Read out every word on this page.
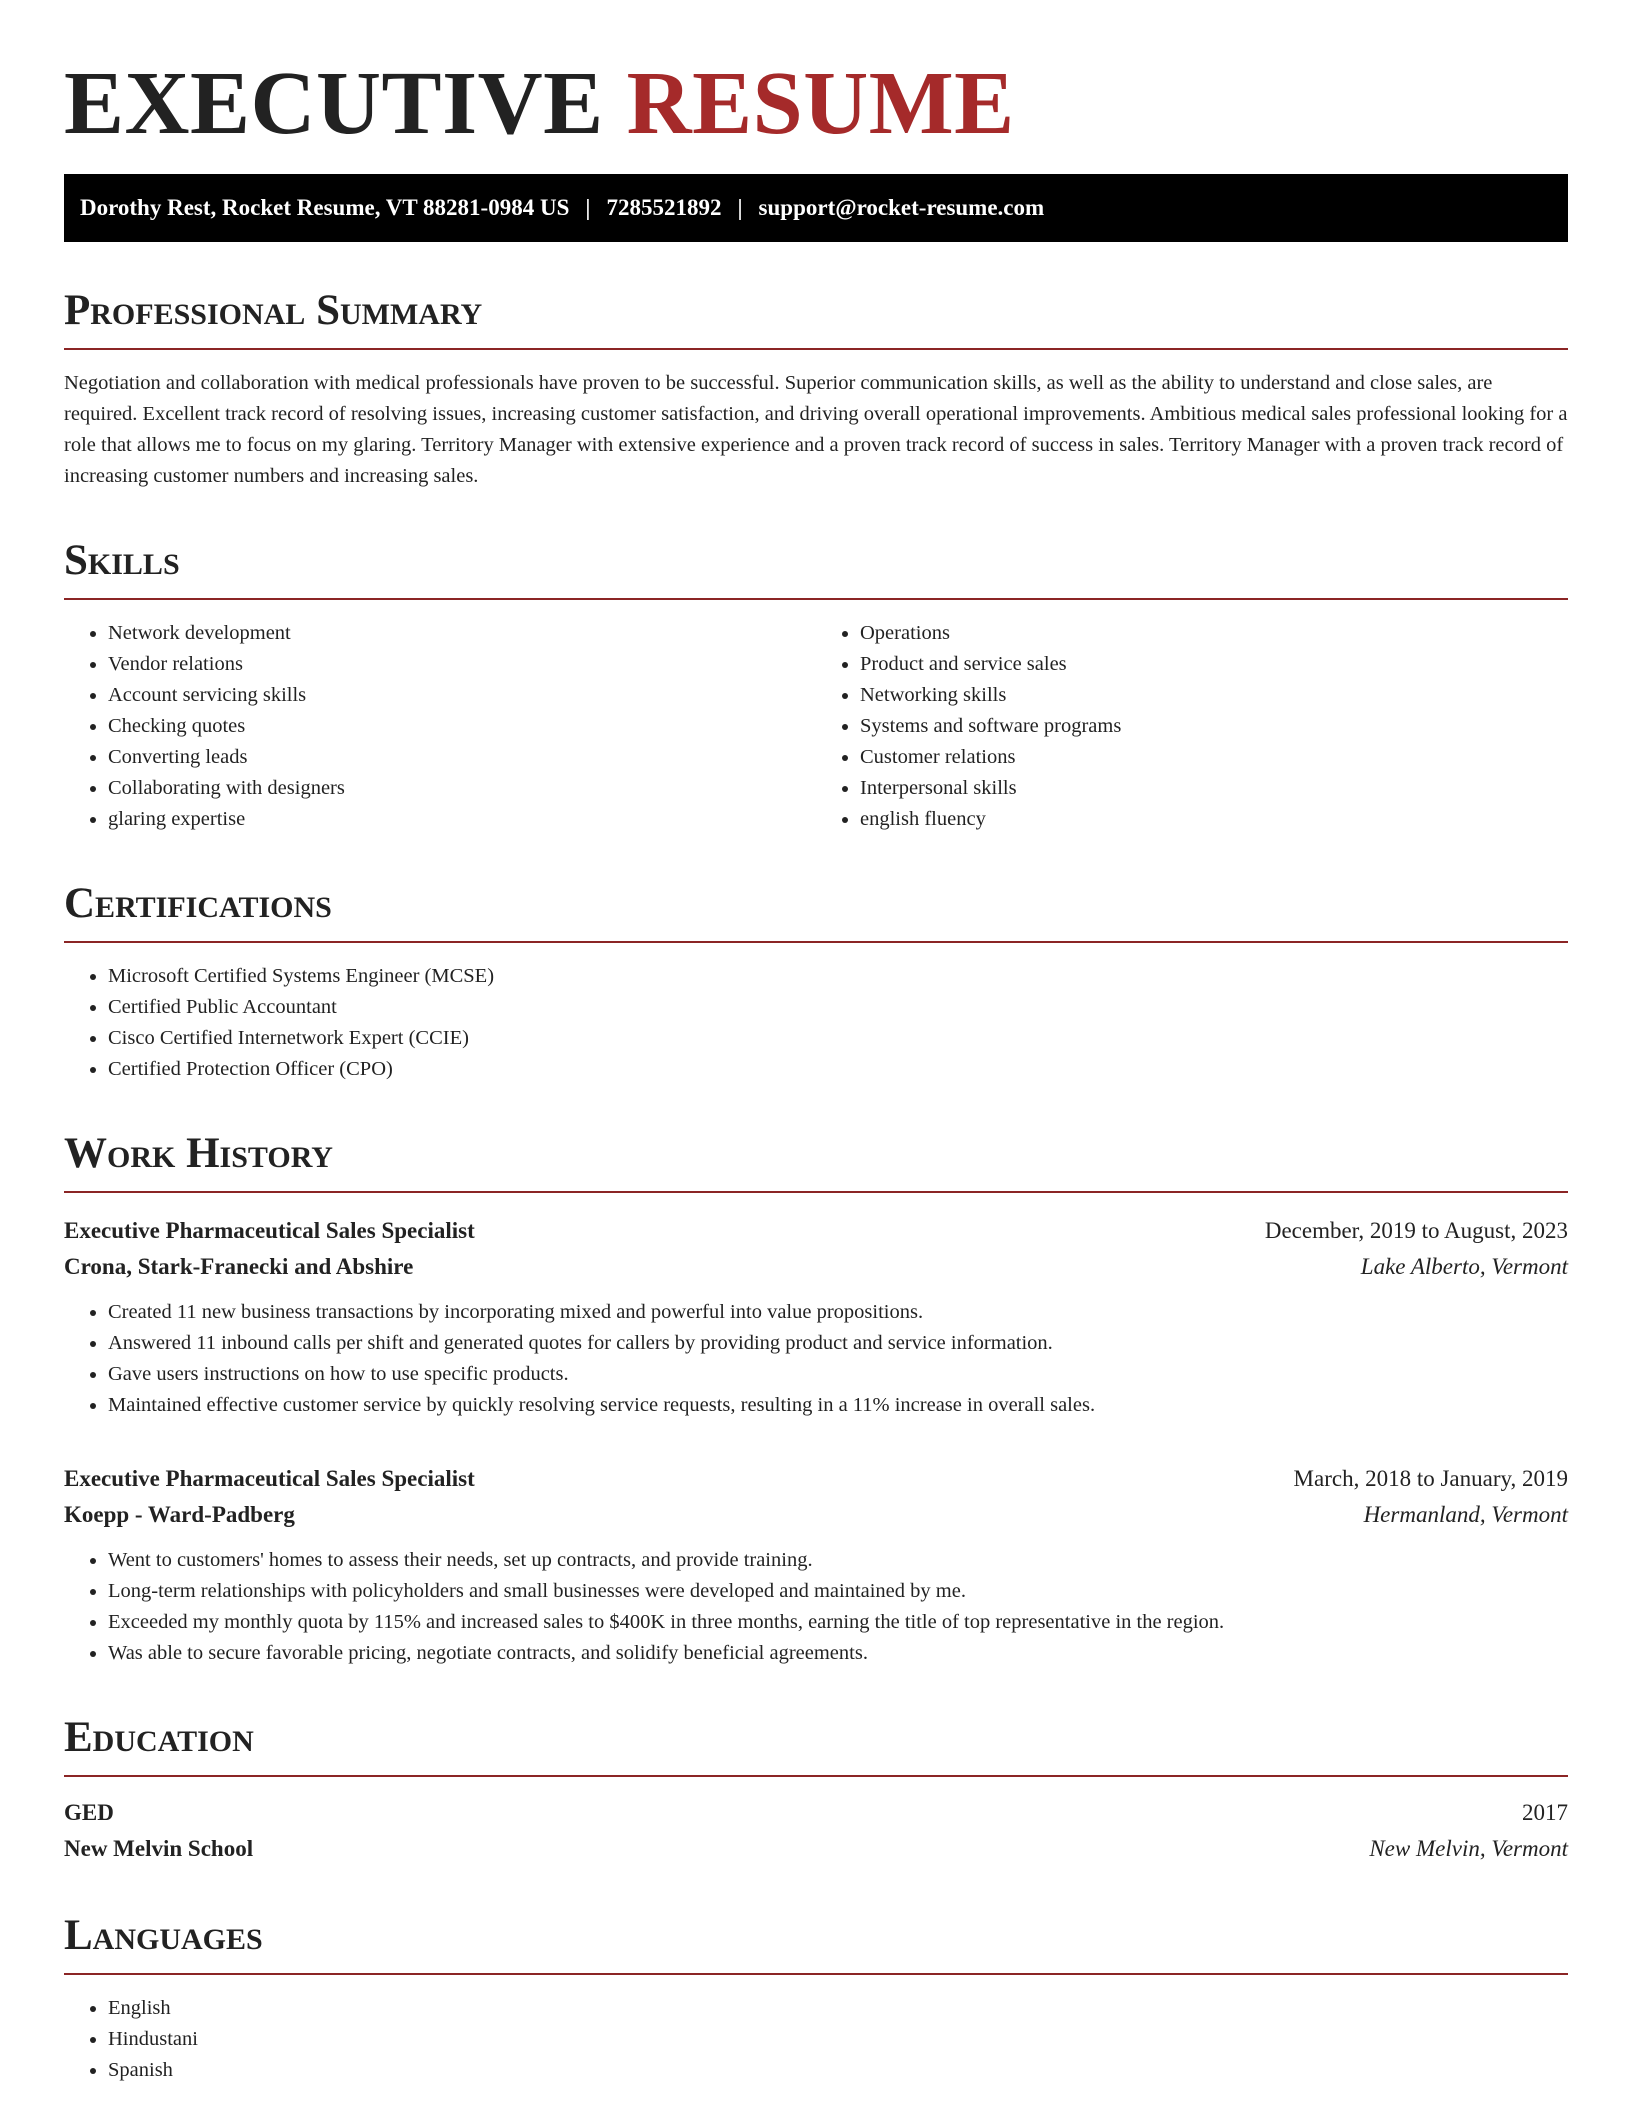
EXECUTIVE RESUME
Dorothy Rest, Rocket Resume, VT 88281-0984 US | 7285521892 | support@rocket-resume.com
Professional Summary

Negotiation and collaboration with medical professionals have proven to be successful. Superior communication skills, as well as the ability to understand and close sales, are required. Excellent track record of resolving issues, increasing customer satisfaction, and driving overall operational improvements. Ambitious medical sales professional looking for a role that allows me to focus on my glaring. Territory Manager with extensive experience and a proven track record of success in sales. Territory Manager with a proven track record of increasing customer numbers and increasing sales.

Skills
• Network development
• Vendor relations
• Account servicing skills
• Checking quotes
• Converting leads
• Collaborating with designers
• glaring expertise
• Operations
• Product and service sales
• Networking skills
• Systems and software programs
• Customer relations
• Interpersonal skills
• english fluency
Certifications
• Microsoft Certified Systems Engineer (MCSE)
• Certified Public Accountant
• Cisco Certified Internetwork Expert (CCIE)
• Certified Protection Officer (CPO)
Work History
Executive Pharmaceutical Sales Specialist	December, 2019 to August, 2023
Crona, Stark-Franecki and Abshire	Lake Alberto, Vermont
• Created 11 new business transactions by incorporating mixed and powerful into value propositions.
• Answered 11 inbound calls per shift and generated quotes for callers by providing product and service information.
• Gave users instructions on how to use specific products.
• Maintained effective customer service by quickly resolving service requests, resulting in a 11% increase in overall sales.
Executive Pharmaceutical Sales Specialist	March, 2018 to January, 2019
Koepp - Ward-Padberg	Hermanland, Vermont
• Went to customers' homes to assess their needs, set up contracts, and provide training.
• Long-term relationships with policyholders and small businesses were developed and maintained by me.
• Exceeded my monthly quota by 115% and increased sales to $400K in three months, earning the title of top representative in the region.
• Was able to secure favorable pricing, negotiate contracts, and solidify beneficial agreements.
Education
GED	2017
New Melvin School	New Melvin, Vermont
Languages
• English
• Hindustani
• Spanish
